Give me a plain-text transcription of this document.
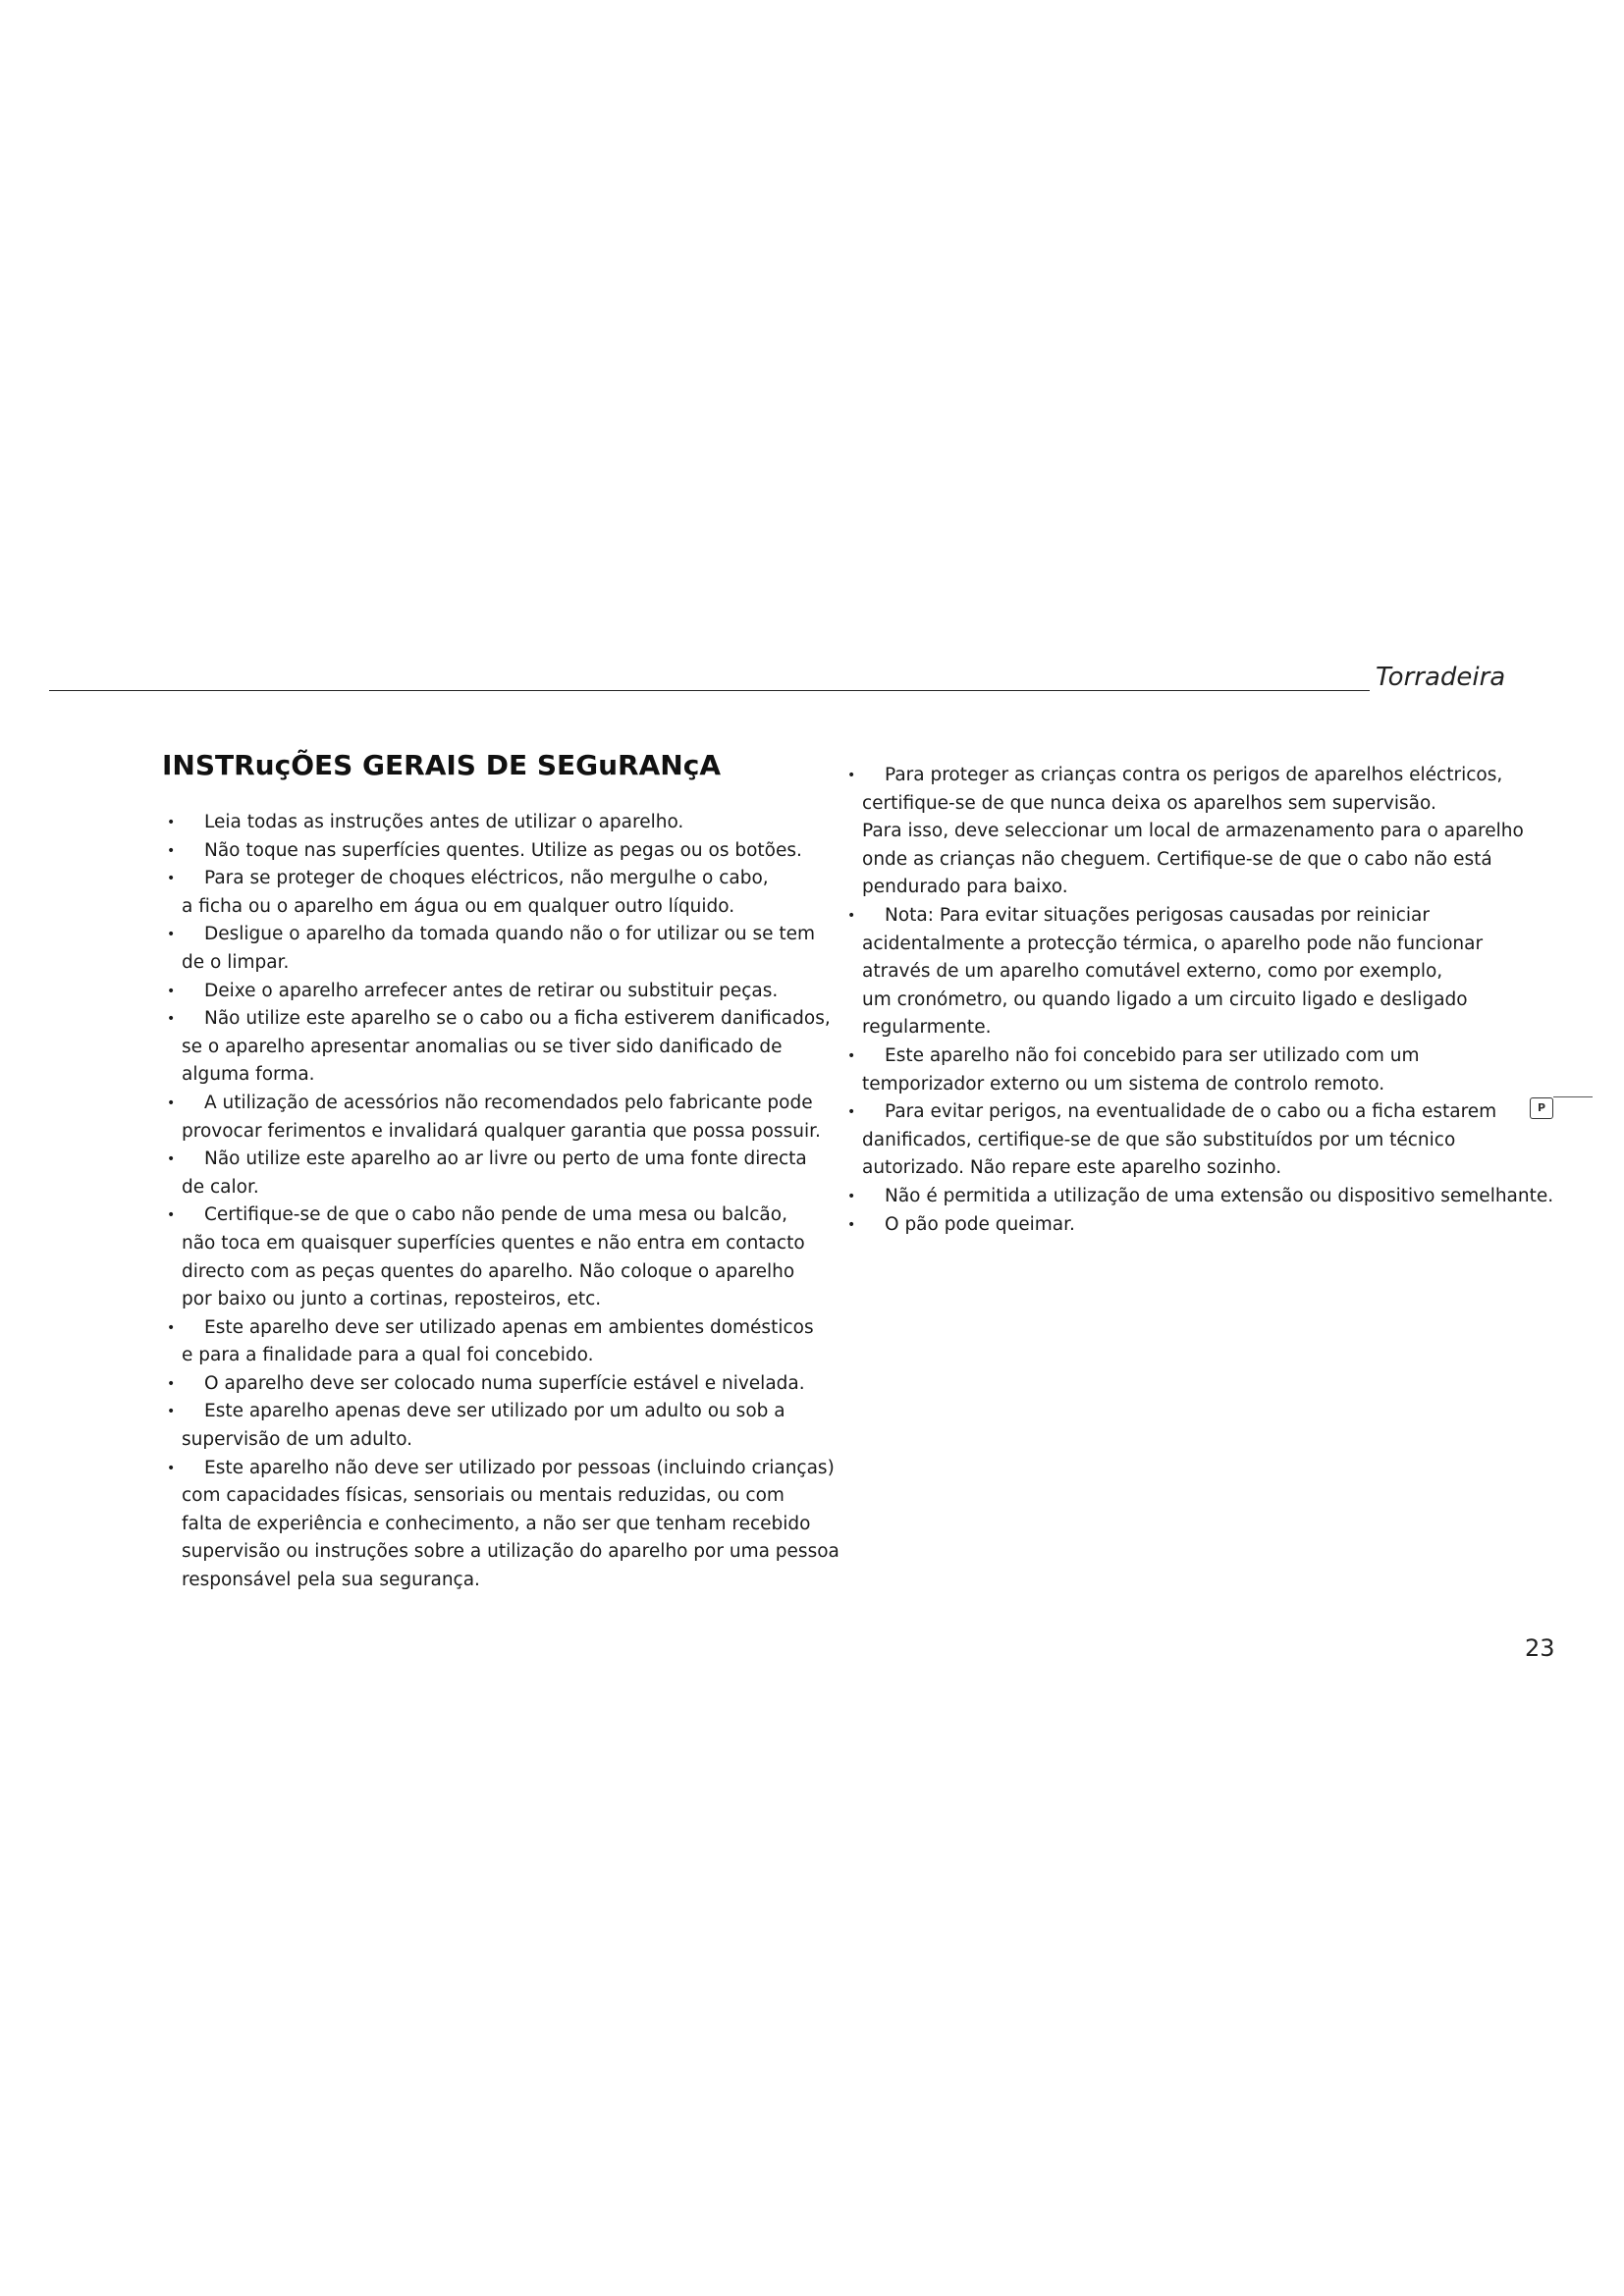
Torradeira
INSTRuçÕES GERAIS DE SEGuRANçA
•	Leia todas as instruções antes de utilizar o aparelho.
•	Não toque nas superfícies quentes. Utilize as pegas ou os botões.
•	Para se proteger de choques eléctricos, não mergulhe o cabo,
a ficha ou o aparelho em água ou em qualquer outro líquido.
•	Desligue o aparelho da tomada quando não o for utilizar ou se tem
de o limpar.
•	Deixe o aparelho arrefecer antes de retirar ou substituir peças.
•	Não utilize este aparelho se o cabo ou a ficha estiverem danificados,
se o aparelho apresentar anomalias ou se tiver sido danificado de
alguma forma.
•	A utilização de acessórios não recomendados pelo fabricante pode
provocar ferimentos e invalidará qualquer garantia que possa possuir.
•	Não utilize este aparelho ao ar livre ou perto de uma fonte directa
de calor.
•	Certifique-se de que o cabo não pende de uma mesa ou balcão,
não toca em quaisquer superfícies quentes e não entra em contacto
directo com as peças quentes do aparelho. Não coloque o aparelho
por baixo ou junto a cortinas, reposteiros, etc.
•	Este aparelho deve ser utilizado apenas em ambientes domésticos
e para a finalidade para a qual foi concebido.
•	O aparelho deve ser colocado numa superfície estável e nivelada.
•	Este aparelho apenas deve ser utilizado por um adulto ou sob a
supervisão de um adulto.
•	Este aparelho não deve ser utilizado por pessoas (incluindo crianças)
com capacidades físicas, sensoriais ou mentais reduzidas, ou com
falta de experiência e conhecimento, a não ser que tenham recebido
supervisão ou instruções sobre a utilização do aparelho por uma pessoa
responsável pela sua segurança.
•	Para proteger as crianças contra os perigos de aparelhos eléctricos,
certifique-se de que nunca deixa os aparelhos sem supervisão.
Para isso, deve seleccionar um local de armazenamento para o aparelho
onde as crianças não cheguem. Certifique-se de que o cabo não está
pendurado para baixo.
•	Nota: Para evitar situações perigosas causadas por reiniciar
acidentalmente a protecção térmica, o aparelho pode não funcionar
através de um aparelho comutável externo, como por exemplo,
um cronómetro, ou quando ligado a um circuito ligado e desligado
regularmente.
•	Este aparelho não foi concebido para ser utilizado com um
temporizador externo ou um sistema de controlo remoto.
•	Para evitar perigos, na eventualidade de o cabo ou a ficha estarem
danificados, certifique-se de que são substituídos por um técnico
autorizado. Não repare este aparelho sozinho.
•	Não é permitida a utilização de uma extensão ou dispositivo semelhante.
•	O pão pode queimar.
P
23
